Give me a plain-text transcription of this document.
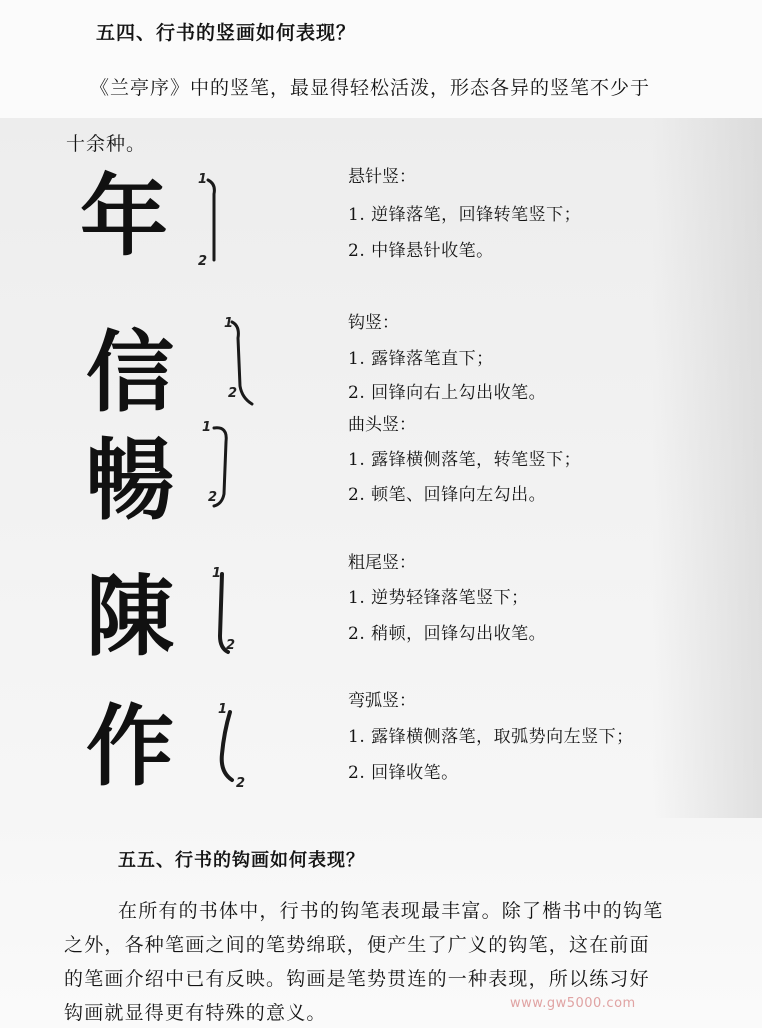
五四、行书的竖画如何表现？
《兰亭序》中的竖笔，最显得轻松活泼，形态各异的竖笔不少于
十余种。
年 1
2
悬针竖：
1. 逆锋落笔，回锋转笔竖下；
2. 中锋悬针收笔。
信	1
2
钩竖：
1. 露锋落笔直下；
2. 回锋向右上勾出收笔。
暢
1
2
曲头竖：
1. 露锋横侧落笔，转笔竖下；
2. 顿笔、回锋向左勾出。
陳	1
2
粗尾竖：
1. 逆势轻锋落笔竖下；
2. 稍顿，回锋勾出收笔。
作	1
2
弯弧竖：
1. 露锋横侧落笔，取弧势向左竖下；
2. 回锋收笔。
五五、行书的钩画如何表现？
在所有的书体中，行书的钩笔表现最丰富。除了楷书中的钩笔
之外，各种笔画之间的笔势绵联，便产生了广义的钩笔，这在前面
的笔画介绍中已有反映。钩画是笔势贯连的一种表现，所以练习好
钩画就显得更有特殊的意义。	www.gw5000.com
